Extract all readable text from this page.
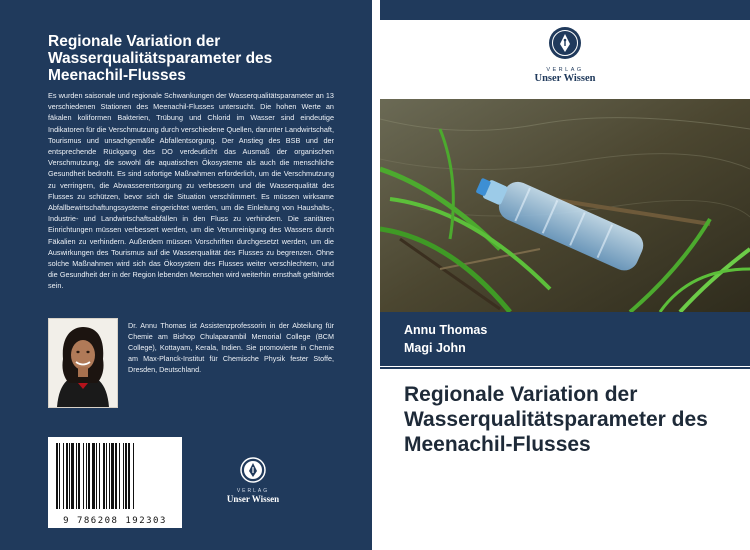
Regionale Variation der Wasserqualitätsparameter des Meenachil-Flusses

Es wurden saisonale und regionale Schwankungen der Wasserqualitätsparameter an 13 verschiedenen Stationen des Meenachil-Flusses untersucht. Die hohen Werte an fäkalen koliformen Bakterien, Trübung und Chlorid im Wasser sind eindeutige Indikatoren für die Verschmutzung durch verschiedene Quellen, darunter Landwirtschaft, Tourismus und unsachgemäße Abfallentsorgung. Der Anstieg des BSB und der entsprechende Rückgang des DO verdeutlicht das Ausmaß der organischen Verschmutzung, die sowohl die aquatischen Ökosysteme als auch die menschliche Gesundheit bedroht. Es sind sofortige Maßnahmen erforderlich, um die Verschmutzung zu verringern, die Abwasserentsorgung zu verbessern und die Wasserqualität des Flusses zu schützen, bevor sich die Situation verschlimmert. Es müssen wirksame Abfallbewirtschaftungssysteme eingerichtet werden, um die Einleitung von Haushalts-, Industrie- und Landwirtschaftsabfällen in den Fluss zu verhindern. Die sanitären Einrichtungen müssen verbessert werden, um die Verunreinigung des Wassers durch Fäkalien zu verhindern. Außerdem müssen Vorschriften durchgesetzt werden, um die Auswirkungen des Tourismus auf die Wasserqualität des Flusses zu begrenzen. Ohne solche Maßnahmen wird sich das Ökosystem des Flusses weiter verschlechtern, und die Gesundheit der in der Region lebenden Menschen wird weiterhin ernsthaft gefährdet sein.

Dr. Annu Thomas ist Assistenzprofessorin in der Abteilung für Chemie am Bishop Chulaparambil Memorial College (BCM College), Kottayam, Kerala, Indien. Sie promovierte in Chemie am Max-Planck-Institut für Chemische Physik fester Stoffe, Dresden, Deutschland.

9 786208 192303
VERLAG
Unser Wissen
VERLAG
Unser Wissen

Annu Thomas

Magi John

Regionale Variation der Wasserqualitätsparameter des Meenachil-Flusses
